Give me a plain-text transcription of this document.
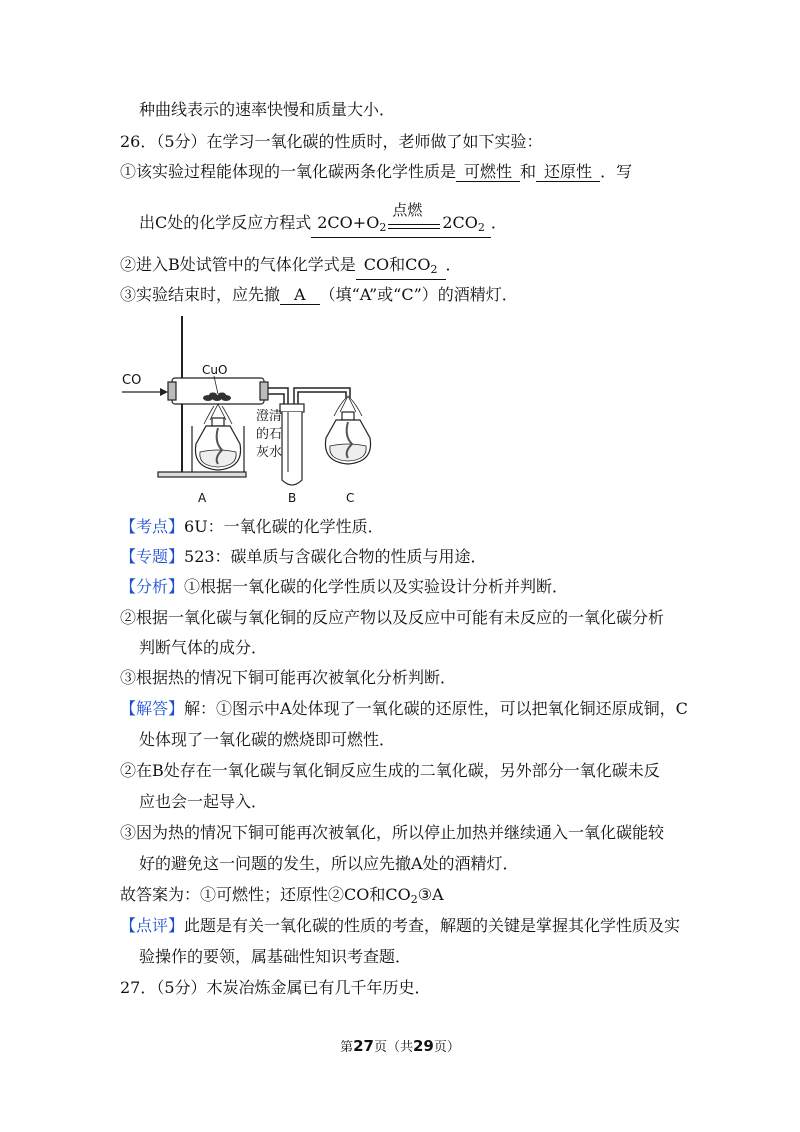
种曲线表示的速率快慢和质量大小．
26．（5分）在学习一氧化碳的性质时，老师做了如下实验：
①该实验过程能体现的一氧化碳两条化学性质是 可燃性 和 还原性 ．写
出C处的化学反应方程式 $2CO+O_2$
点燃
$2CO_2$ ．
②进入B处试管中的气体化学式是 CO和$CO_2$ ．
③实验结束时，应先撤 A （填“A”或“C”）的酒精灯．
CO
CuO
澄清
的石
灰水
A	B	C
【考点】6U：一氧化碳的化学性质．
【专题】523：碳单质与含碳化合物的性质与用途．
【分析】①根据一氧化碳的化学性质以及实验设计分析并判断．
②根据一氧化碳与氧化铜的反应产物以及反应中可能有未反应的一氧化碳分析
判断气体的成分．
③根据热的情况下铜可能再次被氧化分析判断．
【解答】解：①图示中A处体现了一氧化碳的还原性，可以把氧化铜还原成铜，C
处体现了一氧化碳的燃烧即可燃性．
②在B处存在一氧化碳与氧化铜反应生成的二氧化碳，另外部分一氧化碳未反
应也会一起导入．
③因为热的情况下铜可能再次被氧化，所以停止加热并继续通入一氧化碳能较
好的避免这一问题的发生，所以应先撤A处的酒精灯．
故答案为：①可燃性；还原性②CO和$CO_2③A$
【点评】此题是有关一氧化碳的性质的考查，解题的关键是掌握其化学性质及实
验操作的要领，属基础性知识考查题．
27．（5分）木炭冶炼金属已有几千年历史．
第27页（共29页）
